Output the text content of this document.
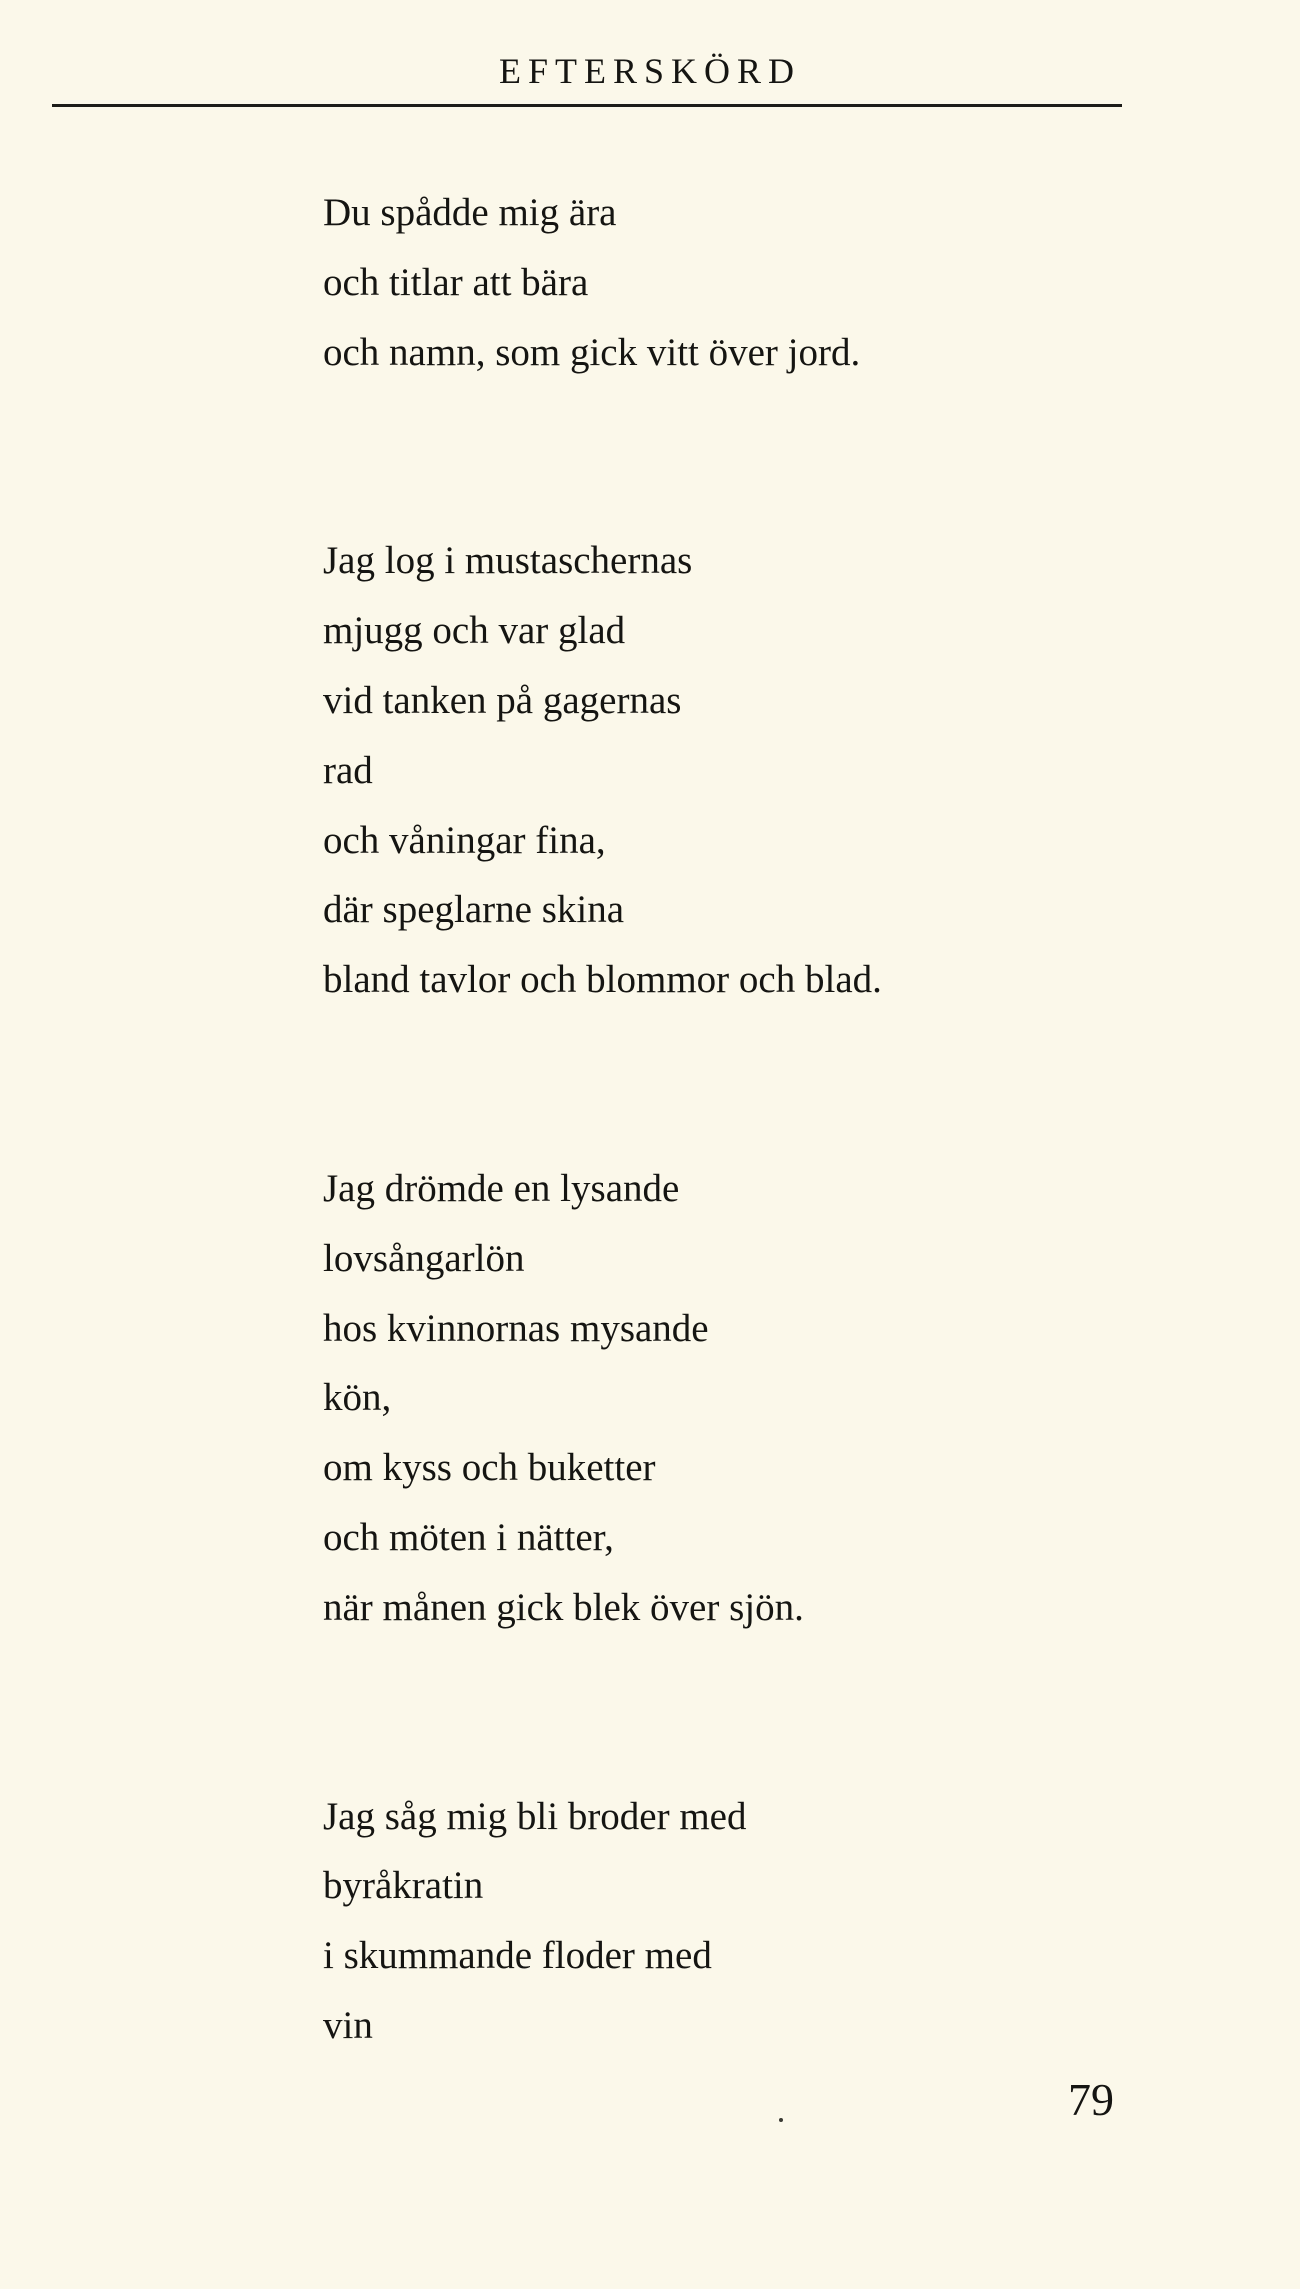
EFTERSKÖRD
Du spådde mig ära
och titlar att bära
och namn, som gick vitt över jord.
Jag log i mustaschernas
mjugg och var glad
vid tanken på gagernas
rad
och våningar fina,
där speglarne skina
bland tavlor och blommor och blad.
Jag drömde en lysande
lovsångarlön
hos kvinnornas mysande
kön,
om kyss och buketter
och möten i nätter,
när månen gick blek över sjön.
Jag såg mig bli broder med
byråkratin
i skummande floder med
vin
79
